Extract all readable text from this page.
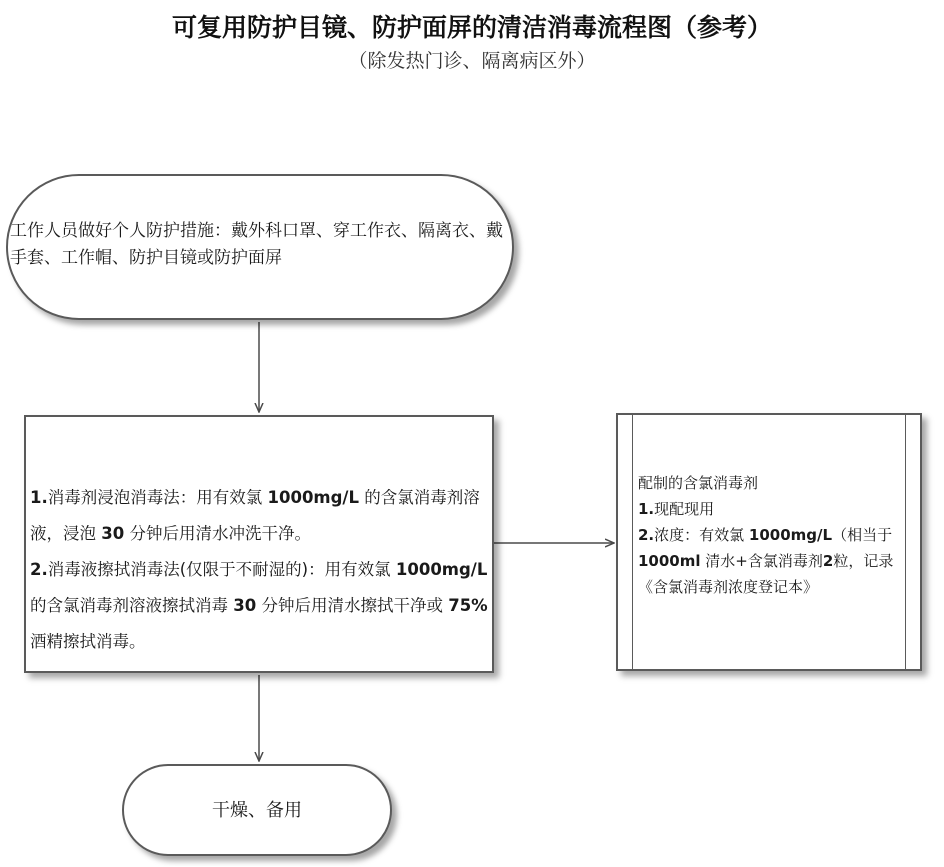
可复用防护目镜、防护面屏的清洁消毒流程图（参考）
（除发热门诊、隔离病区外）
工作人员做好个人防护措施：戴外科口罩、穿工作衣、隔离衣、戴手套、工作帽、防护目镜或防护面屏

1.消毒剂浸泡消毒法：用有效氯 1000mg/L 的含氯消毒剂溶液，浸泡 30 分钟后用清水冲洗干净。

2.消毒液擦拭消毒法(仅限于不耐湿的)：用有效氯 1000mg/L 的含氯消毒剂溶液擦拭消毒 30 分钟后用清水擦拭干净或 75%酒精擦拭消毒。

配制的含氯消毒剂

1.现配现用

2.浓度：有效氯 1000mg/L（相当于1000ml 清水+含氯消毒剂2粒，记录《含氯消毒剂浓度登记本》

干燥、备用
